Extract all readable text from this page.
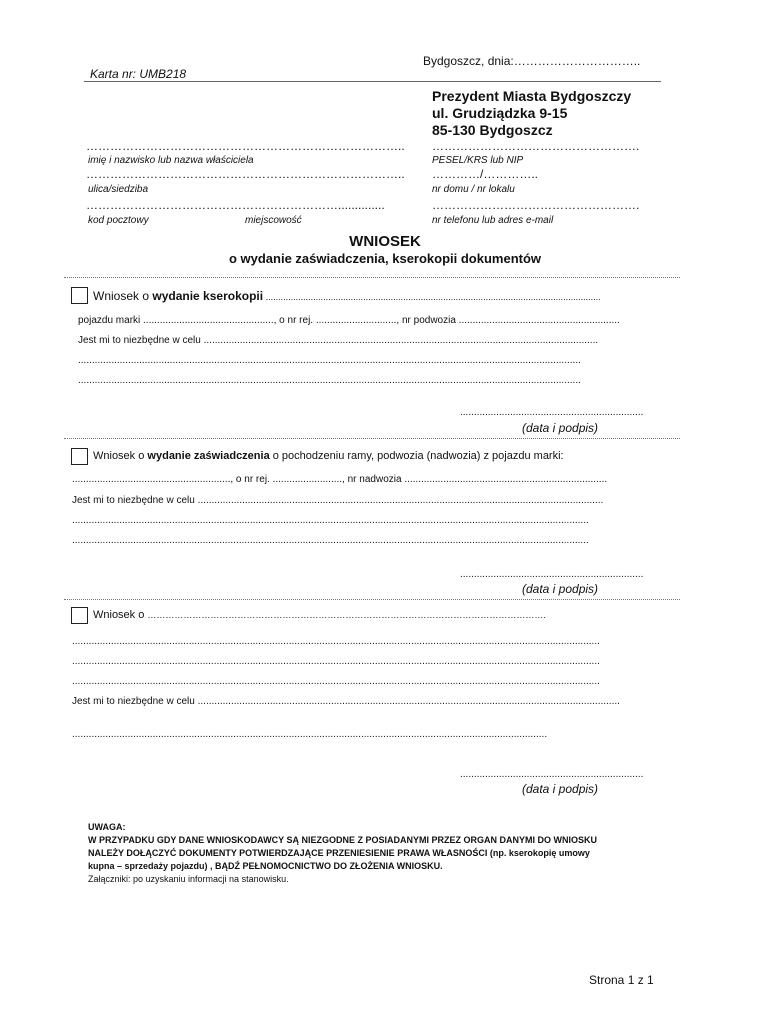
Bydgoszcz, dnia:…………………………..
Karta nr: UMB218
Prezydent Miasta Bydgoszczy
ul. Grudziądzka 9-15
85-130 Bydgoszcz
……………………………………………………………………..
imię i nazwisko lub nazwa właściciela
…………………………………………….
PESEL/KRS lub NIP
……………………………………………………………………..
ulica/siedziba
…………/…………..
nr domu / nr lokalu
………………………………………………………..............
kod pocztowy	miejscowość
…………………………………………….
nr telefonu lub adres e-mail
WNIOSEK
o wydanie zaświadczenia, kserokopii dokumentów
Wniosek o wydanie kserokopii ......................................................................................................................................
pojazdu marki ..............................................., o nr rej. ............................., nr podwozia ..........................................................
Jest mi to niezbędne w celu ..............................................................................................................................................
.....................................................................................................................................................................................
.....................................................................................................................................................................................
..................................................................
(data i podpis)
Wniosek o wydanie zaświadczenia o pochodzeniu ramy, podwozia (nadwozia) z pojazdu marki:
........................................................., o nr rej. ........................., nr nadwozia .........................................................................
Jest mi to niezbędne w celu ..................................................................................................................................................
..........................................................................................................................................................................................
..........................................................................................................................................................................................
..................................................................
(data i podpis)
Wniosek o …………………………………………………………………………………………………………………….
..............................................................................................................................................................................................
..............................................................................................................................................................................................
..............................................................................................................................................................................................
Jest mi to niezbędne w celu ........................................................................................................................................................
...........................................................................................................................................................................
..................................................................
(data i podpis)
UWAGA:
W PRZYPADKU GDY DANE WNIOSKODAWCY SĄ NIEZGODNE Z POSIADANYMI PRZEZ ORGAN DANYMI DO WNIOSKU
NALEŻY DOŁĄCZYĆ DOKUMENTY POTWIERDZAJĄCE PRZENIESIENIE PRAWA WŁASNOŚCI (np. kserokopię umowy
kupna – sprzedaży pojazdu) , BĄDŹ PEŁNOMOCNICTWO DO ZŁOŻENIA WNIOSKU.
Załączniki: po uzyskaniu informacji na stanowisku.
Strona 1 z 1
